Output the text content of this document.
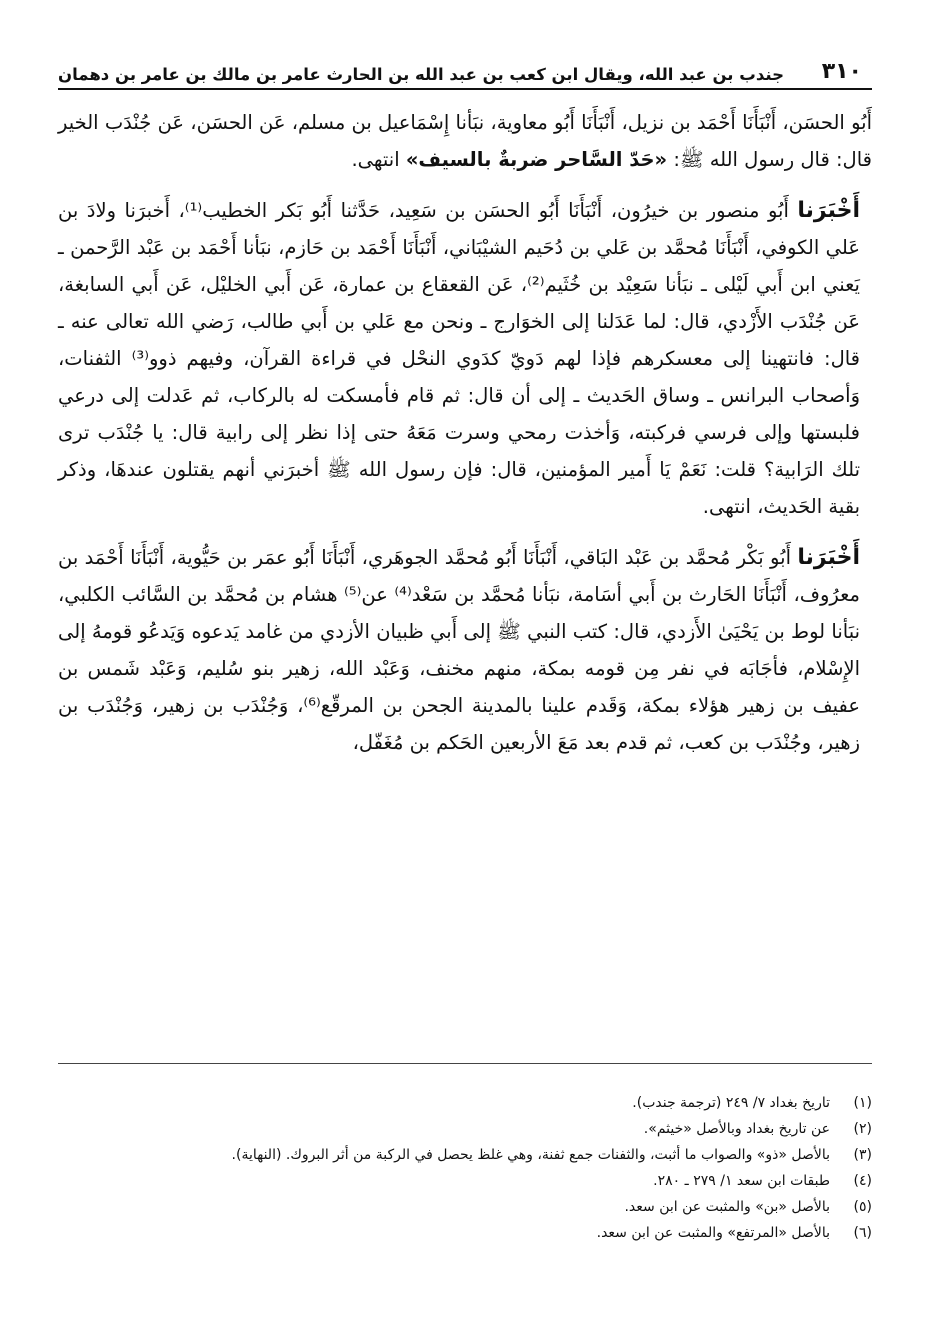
٣١٠
جندب بن عبد الله، ويقال ابن كعب بن عبد الله بن الحارث عامر بن مالك بن عامر بن دهمان

أَبُو الحسَن، أَنْبَأَنَا أَحْمَد بن نزيل، أَنْبَأَنَا أَبُو معاوية، نبَأنا إِسْمَاعيل بن مسلم، عَن الحسَن، عَن جُنْدَب الخير قال: قال رسول الله ﷺ: «حَدّ السَّاحر ضربةٌ بالسيف» انتهى.

أَخْبَرَنا أَبُو منصور بن خيرُون، أَنْبَأَنَا أَبُو الحسَن بن سَعِيد، حَدَّثنا أَبُو بَكر الخطيب⁽¹⁾، أَخبرَنا ولادَ بن عَلي الكوفي، أَنْبَأَنَا مُحمَّد بن عَلي بن دُحَيم الشيْبَاني، أَنْبَأَنَا أَحْمَد بن حَازم، نبَأنا أَحْمَد بن عَبْد الرَّحمن ـ يَعني ابن أَبي لَيْلى ـ نبَأنا سَعِيْد بن خُثَيم⁽²⁾، عَن القعقاع بن عمارة، عَن أَبي الخليْل، عَن أَبي السابغة، عَن جُنْدَب الأَزْدي، قال: لما عَدَلنا إلى الخوَارج ـ ونحن مع عَلي بن أَبي طالب، رَضي الله تعالى عنه ـ قال: فانتهينا إلى معسكرهم فإذا لهم دَويّ كدَوي النحْل في قراءة القرآن، وفيهم ذوو⁽³⁾ الثفنات، وَأصحاب البرانس ـ وساق الحَديث ـ إلى أن قال: ثم قام فأمسكت له بالركاب، ثم عَدلت إلى درعي فلبستها وإلى فرسي فركبته، وَأخذت رمحي وسرت مَعَهُ حتى إذا نظر إلى رابية قال: يا جُنْدَب ترى تلك الرَابية؟ قلت: نَعَمْ يَا أَمير المؤمنين، قال: فإن رسول الله ﷺ أخبرَني أنهم يقتلون عندهَا، وذكر بقية الحَديث، انتهى.

أَخْبَرَنا أَبُو بَكْر مُحمَّد بن عَبْد البَاقي، أَنْبَأَنَا أَبُو مُحمَّد الجوهَري، أَنْبَأَنَا أَبُو عمَر بن حَيُّوية، أَنْبَأَنَا أَحْمَد بن معرُوف، أَنْبَأَنَا الحَارث بن أَبي أسَامة، نبَأنا مُحمَّد بن سَعْد⁽⁴⁾ عن⁽⁵⁾ هشام بن مُحمَّد بن السَّائب الكلبي، نبَأنا لوط بن يَحْيَىٰ الأَزدي، قال: كتب النبي ﷺ إلى أَبي ظبيان الأزدي من غامد يَدعوه وَيَدعُو قومهُ إلى الإِسْلام، فأجَابَه في نفر مِن قومه بمكة، منهم مخنف، وَعَبْد الله، زهير بنو سُليم، وَعَبْد شَمس بن عفيف بن زهير هؤلاء بمكة، وَقَدم علينا بالمدينة الجحن بن المرقّع⁽⁶⁾، وَجُنْدَب بن زهير، وَجُنْدَب بن زهير، وجُنْدَب بن كعب، ثم قدم بعد مَعَ الأربعين الحَكم بن مُغَفّل،

(١)
تاريخ بغداد ٧/ ٢٤٩ (ترجمة جندب).
(٢)
عن تاريخ بغداد وبالأصل «خيثم».
(٣)
بالأصل «ذو» والصواب ما أثبت، والثفنات جمع ثفنة، وهي غلظ يحصل في الركبة من أثر البروك. (النهاية).
(٤)
طبقات ابن سعد ١/ ٢٧٩ ـ ٢٨٠.
(٥)
بالأصل «بن» والمثبت عن ابن سعد.
(٦)
بالأصل «المرتفع» والمثبت عن ابن سعد.
